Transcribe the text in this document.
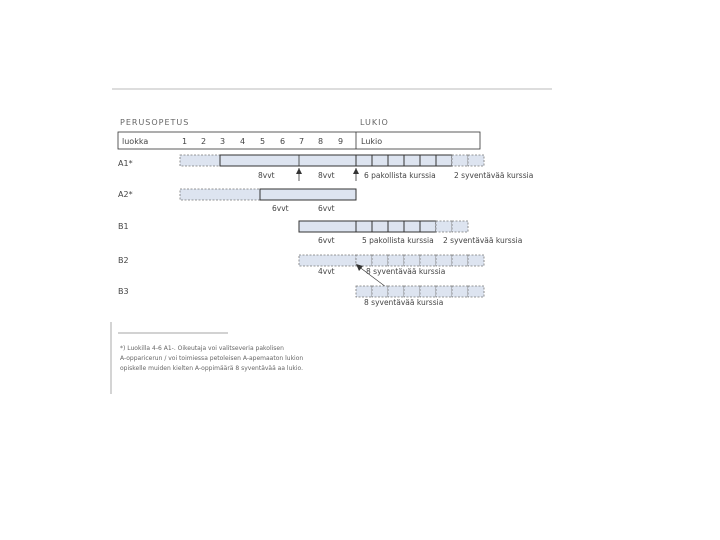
PERUSOPETUS	LUKIO
luokka	1 2 3 4 5 6 7 8 9 Lukio
A1*
A2*
B1
B2
B3
8vvt	8vvt	6 pakollista kurssia 2 syventävää kurssia
6vvt	6vvt
6vvt	5 pakollista kurssia 2 syventävää kurssia
4vvt	8 syventävää kurssia
8 syventävää kurssia
*) Luokilla 4-6 A1-. Oikeutaja voi valitseveria pakolisen
A-opparicerun / voi toimiessa petoleisen A-apemaaton lukion
opiskelle muiden kielten A-oppimäärä 8 syventävää aa lukio.
